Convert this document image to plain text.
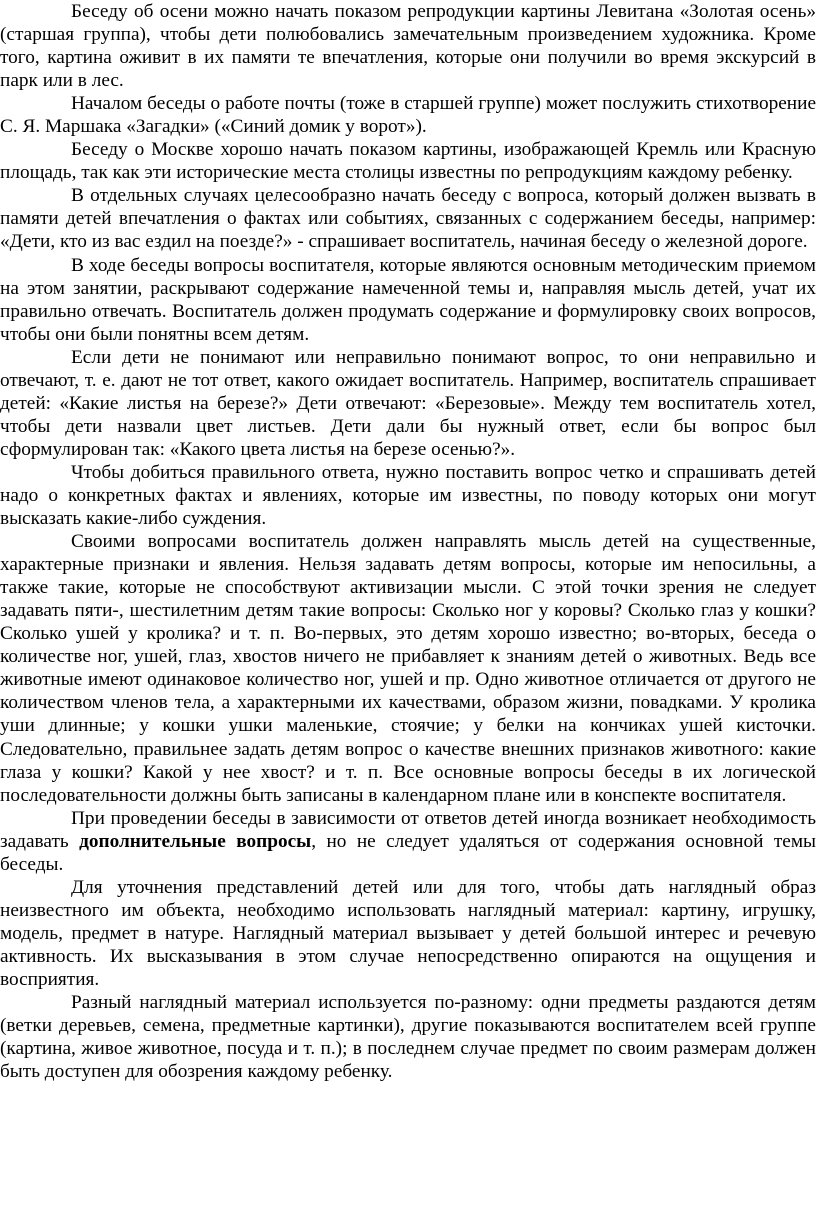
Беседу об осени можно начать показом репродукции картины Левитана «Золотая осень» (старшая группа), чтобы дети полюбовались замечательным произведением художника. Кроме того, картина оживит в их памяти те впечатления, которые они получили во время экскурсий в парк или в лес.

Началом беседы о работе почты (тоже в старшей группе) может послужить стихотворение С. Я. Маршака «Загадки» («Синий домик у ворот»).

Беседу о Москве хорошо начать показом картины, изображающей Кремль или Красную площадь, так как эти исторические места столицы известны по репродукциям каждому ребенку.

В отдельных случаях целесообразно начать беседу с вопроса, который должен вызвать в памяти детей впечатления о фактах или событиях, связанных с содержанием беседы, например: «Дети, кто из вас ездил на поезде?» - спрашивает воспитатель, начиная беседу о железной дороге.

В ходе беседы вопросы воспитателя, которые являются основным методическим приемом на этом занятии, раскрывают содержание намеченной темы и, направляя мысль детей, учат их правильно отвечать. Воспитатель должен продумать содержание и формулировку своих вопросов, чтобы они были понятны всем детям.

Если дети не понимают или неправильно понимают вопрос, то они неправильно и отвечают, т. е. дают не тот ответ, какого ожидает воспитатель. Например, воспитатель спрашивает детей: «Какие листья на березе?» Дети отвечают: «Березовые». Между тем воспитатель хотел, чтобы дети назвали цвет листьев. Дети дали бы нужный ответ, если бы вопрос был сформулирован так: «Какого цвета листья на березе осенью?».

Чтобы добиться правильного ответа, нужно поставить вопрос четко и спрашивать детей надо о конкретных фактах и явлениях, которые им известны, по поводу которых они могут высказать какие-либо суждения.

Своими вопросами воспитатель должен направлять мысль детей на существенные, характерные признаки и явления. Нельзя задавать детям вопросы, которые им непосильны, а также такие, которые не способствуют активизации мысли. С этой точки зрения не следует задавать пяти-, шестилетним детям такие вопросы: Сколько ног у коровы? Сколько глаз у кошки? Сколько ушей у кролика? и т. п. Во-первых, это детям хорошо известно; во-вторых, беседа о количестве ног, ушей, глаз, хвостов ничего не прибавляет к знаниям детей о животных. Ведь все животные имеют одинаковое количество ног, ушей и пр. Одно животное отличается от другого не количеством членов тела, а характерными их качествами, образом жизни, повадками. У кролика уши длинные; у кошки ушки маленькие, стоячие; у белки на кончиках ушей кисточки. Следовательно, правильнее задать детям вопрос о качестве внешних признаков животного: какие глаза у кошки? Какой у нее хвост? и т. п. Все основные вопросы беседы в их логической последовательности должны быть записаны в календарном плане или в конспекте воспитателя.

При проведении беседы в зависимости от ответов детей иногда возникает необходимость задавать дополнительные вопросы, но не следует удаляться от содержания основной темы беседы.

Для уточнения представлений детей или для того, чтобы дать наглядный образ неизвестного им объекта, необходимо использовать наглядный материал: картину, игрушку, модель, предмет в натуре. Наглядный материал вызывает у детей большой интерес и речевую активность. Их высказывания в этом случае непосредственно опираются на ощущения и восприятия.

Разный наглядный материал используется по-разному: одни предметы раздаются детям (ветки деревьев, семена, предметные картинки), другие показываются воспитателем всей группе (картина, живое животное, посуда и т. п.); в последнем случае предмет по своим размерам должен быть доступен для обозрения каждому ребенку.
